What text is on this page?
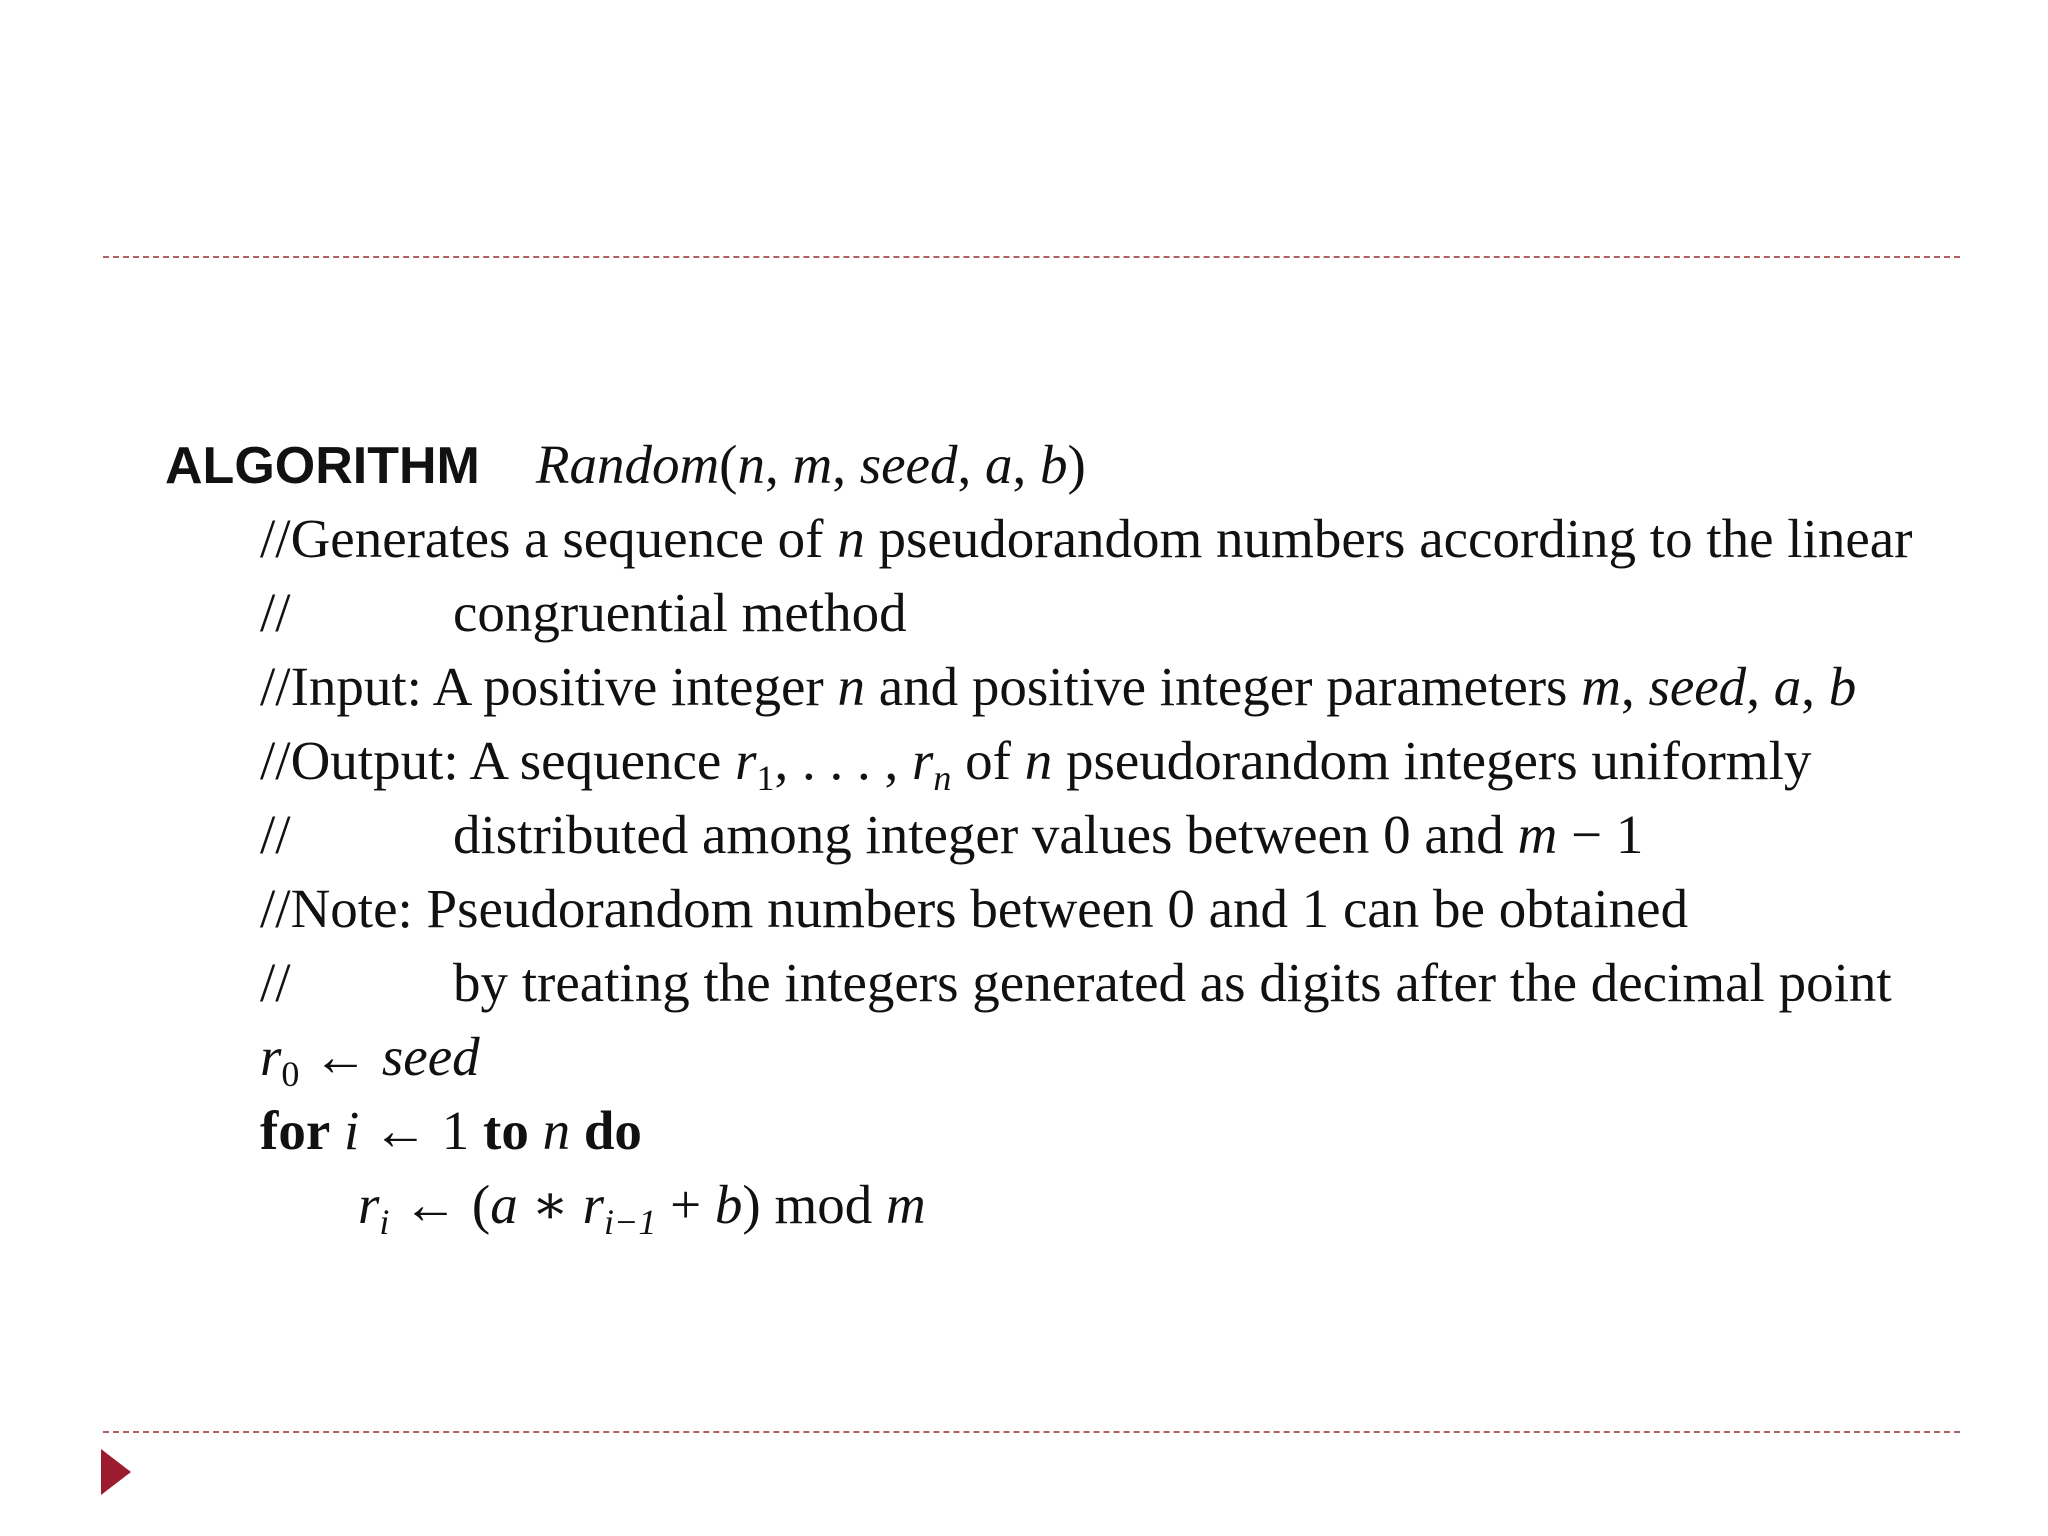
ALGORITHM Random(n, m, seed, a, b)
//Generates a sequence of n pseudorandom numbers according to the linear
//	congruential method
//Input: A positive integer n and positive integer parameters m, seed, a, b
//Output: A sequence $r_1$, . . . , $r_n$ of n pseudorandom integers uniformly
//	distributed among integer values between 0 and m − 1
//Note: Pseudorandom numbers between 0 and 1 can be obtained
//	by treating the integers generated as digits after the decimal point
$r_0$ ← seed
for i ← 1 to n do
$r_i$ ← (a ∗ $r_{i-1} + b$) mod m
